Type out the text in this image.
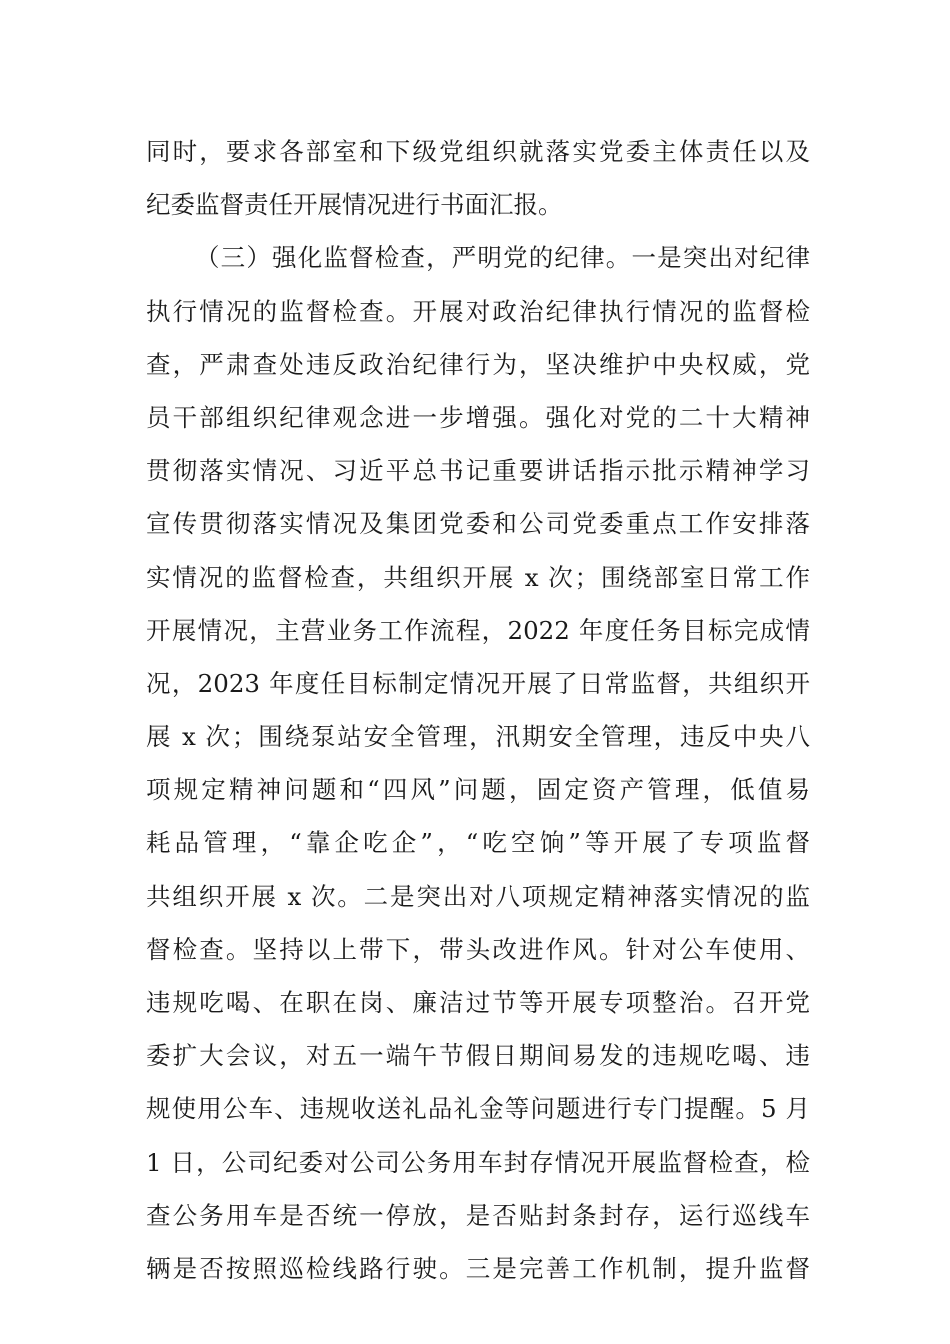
同时，要求各部室和下级党组织就落实党委主体责任以及
纪委监督责任开展情况进行书面汇报。
（三）强化监督检查，严明党的纪律。一是突出对纪律
执行情况的监督检查。开展对政治纪律执行情况的监督检
查，严肃查处违反政治纪律行为，坚决维护中央权威，党
员干部组织纪律观念进一步增强。强化对党的二十大精神
贯彻落实情况、习近平总书记重要讲话指示批示精神学习
宣传贯彻落实情况及集团党委和公司党委重点工作安排落
实情况的监督检查，共组织开展 x 次；围绕部室日常工作
开展情况，主营业务工作流程，2022 年度任务目标完成情
况，2023 年度任目标制定情况开展了日常监督，共组织开
展 x 次；围绕泵站安全管理，汛期安全管理，违反中央八
项规定精神问题和“四风”问题，固定资产管理，低值易
耗品管理，“靠企吃企”，“吃空饷”等开展了专项监督
共组织开展 x 次。二是突出对八项规定精神落实情况的监
督检查。坚持以上带下，带头改进作风。针对公车使用、
违规吃喝、在职在岗、廉洁过节等开展专项整治。召开党
委扩大会议，对五一端午节假日期间易发的违规吃喝、违
规使用公车、违规收送礼品礼金等问题进行专门提醒。5 月
1 日，公司纪委对公司公务用车封存情况开展监督检查，检
查公务用车是否统一停放，是否贴封条封存，运行巡线车
辆是否按照巡检线路行驶。三是完善工作机制，提升监督
